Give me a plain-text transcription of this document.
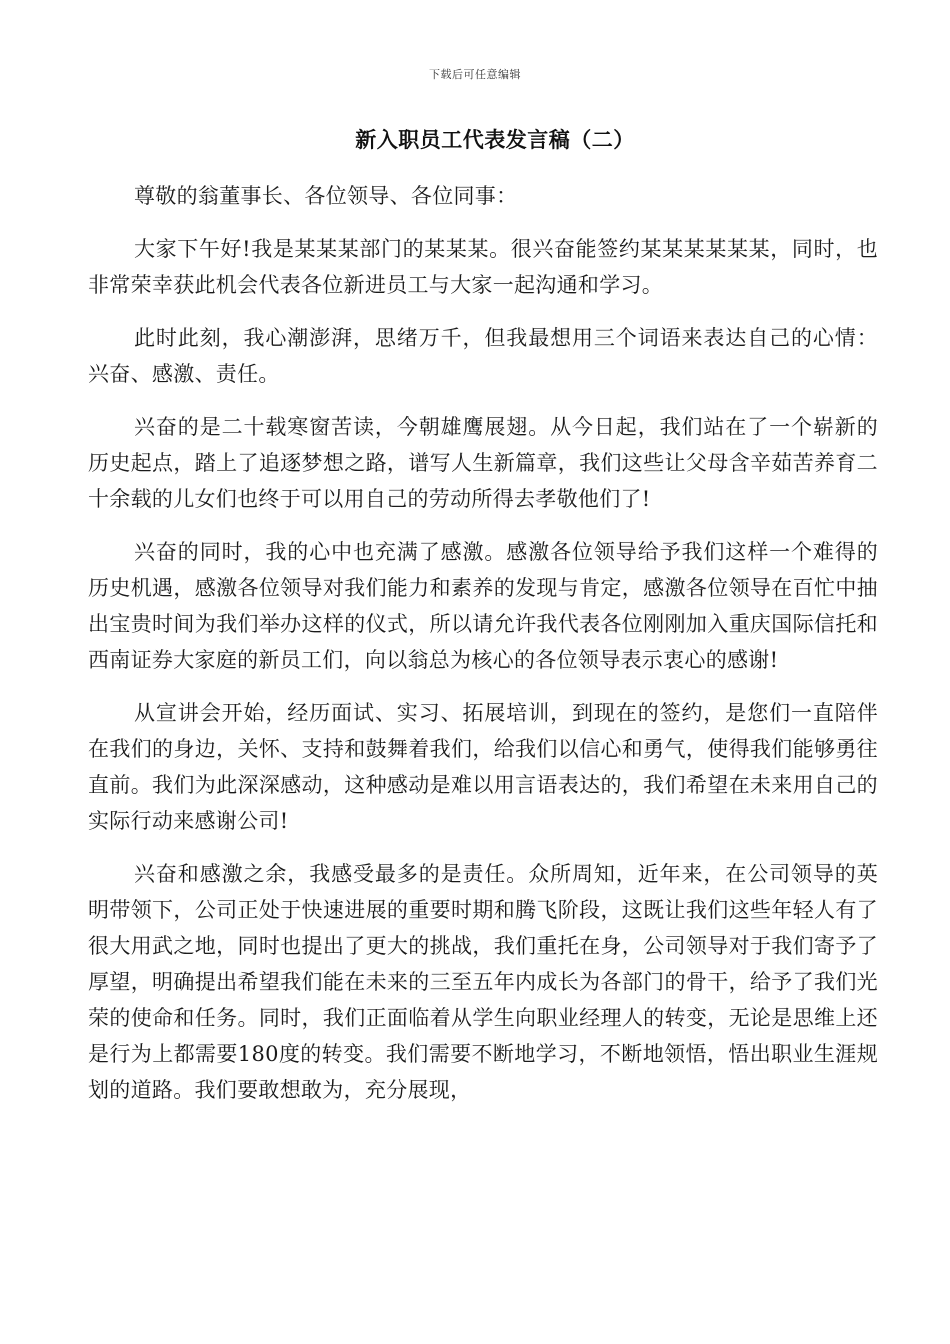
下载后可任意编辑
新入职员工代表发言稿（二）

尊敬的翁董事长、各位领导、各位同事：

大家下午好!我是某某某部门的某某某。很兴奋能签约某某某某某某，同时，也非常荣幸获此机会代表各位新进员工与大家一起沟通和学习。

此时此刻，我心潮澎湃，思绪万千，但我最想用三个词语来表达自己的心情：兴奋、感激、责任。

兴奋的是二十载寒窗苦读，今朝雄鹰展翅。从今日起，我们站在了一个崭新的历史起点，踏上了追逐梦想之路，谱写人生新篇章，我们这些让父母含辛茹苦养育二十余载的儿女们也终于可以用自己的劳动所得去孝敬他们了!

兴奋的同时，我的心中也充满了感激。感激各位领导给予我们这样一个难得的历史机遇，感激各位领导对我们能力和素养的发现与肯定，感激各位领导在百忙中抽出宝贵时间为我们举办这样的仪式，所以请允许我代表各位刚刚加入重庆国际信托和西南证券大家庭的新员工们，向以翁总为核心的各位领导表示衷心的感谢!

从宣讲会开始，经历面试、实习、拓展培训，到现在的签约，是您们一直陪伴在我们的身边，关怀、支持和鼓舞着我们，给我们以信心和勇气，使得我们能够勇往直前。我们为此深深感动，这种感动是难以用言语表达的，我们希望在未来用自己的实际行动来感谢公司!

兴奋和感激之余，我感受最多的是责任。众所周知，近年来，在公司领导的英明带领下，公司正处于快速进展的重要时期和腾飞阶段，这既让我们这些年轻人有了很大用武之地，同时也提出了更大的挑战，我们重托在身，公司领导对于我们寄予了厚望，明确提出希望我们能在未来的三至五年内成长为各部门的骨干，给予了我们光荣的使命和任务。同时，我们正面临着从学生向职业经理人的转变，无论是思维上还是行为上都需要180度的转变。我们需要不断地学习，不断地领悟，悟出职业生涯规划的道路。我们要敢想敢为，充分展现，
